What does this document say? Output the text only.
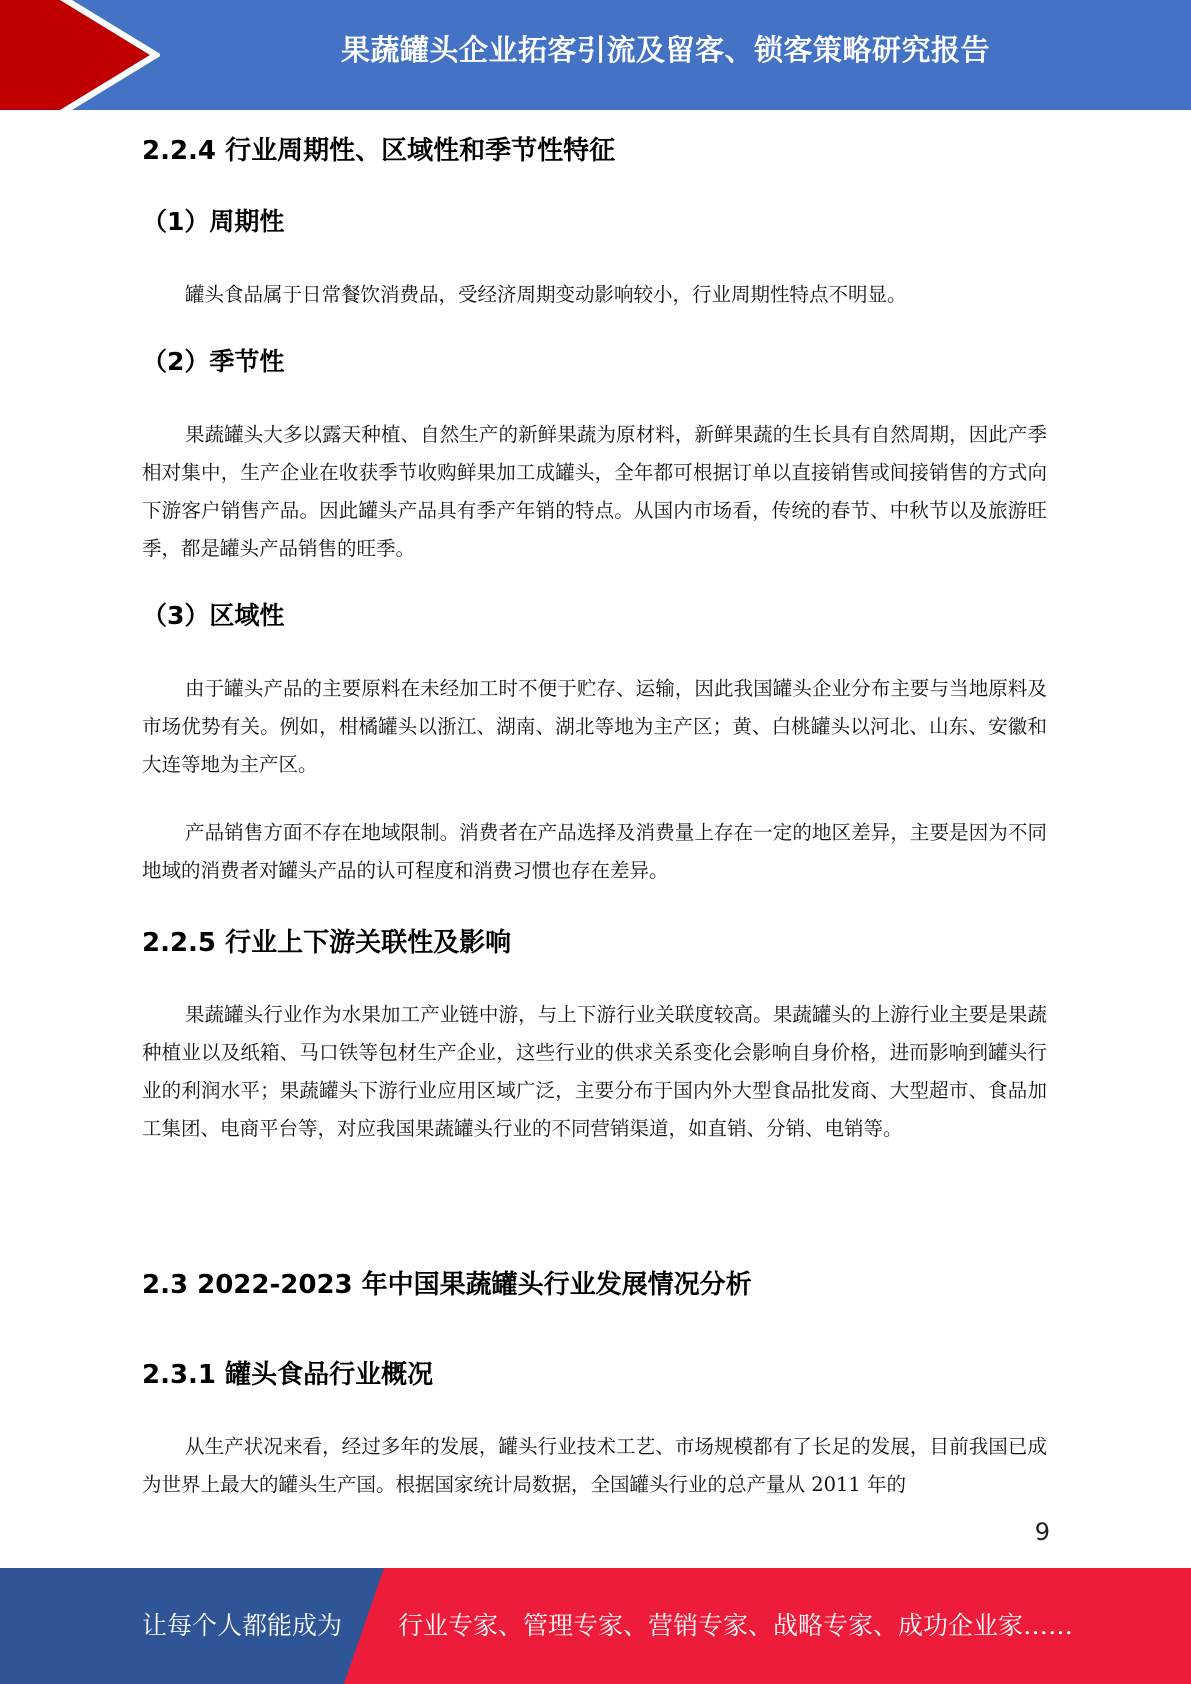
果蔬罐头企业拓客引流及留客、锁客策略研究报告
2.2.4 行业周期性、区域性和季节性特征
（1）周期性

罐头食品属于日常餐饮消费品，受经济周期变动影响较小，行业周期性特点不明显。

（2）季节性

果蔬罐头大多以露天种植、自然生产的新鲜果蔬为原材料，新鲜果蔬的生长具有自然周期，因此产季相对集中，生产企业在收获季节收购鲜果加工成罐头，全年都可根据订单以直接销售或间接销售的方式向下游客户销售产品。因此罐头产品具有季产年销的特点。从国内市场看，传统的春节、中秋节以及旅游旺季，都是罐头产品销售的旺季。

（3）区域性

由于罐头产品的主要原料在未经加工时不便于贮存、运输，因此我国罐头企业分布主要与当地原料及市场优势有关。例如，柑橘罐头以浙江、湖南、湖北等地为主产区；黄、白桃罐头以河北、山东、安徽和大连等地为主产区。

产品销售方面不存在地域限制。消费者在产品选择及消费量上存在一定的地区差异，主要是因为不同地域的消费者对罐头产品的认可程度和消费习惯也存在差异。

2.2.5 行业上下游关联性及影响

果蔬罐头行业作为水果加工产业链中游，与上下游行业关联度较高。果蔬罐头的上游行业主要是果蔬种植业以及纸箱、马口铁等包材生产企业，这些行业的供求关系变化会影响自身价格，进而影响到罐头行业的利润水平；果蔬罐头下游行业应用区域广泛，主要分布于国内外大型食品批发商、大型超市、食品加工集团、电商平台等，对应我国果蔬罐头行业的不同营销渠道，如直销、分销、电销等。

2.3 2022-2023 年中国果蔬罐头行业发展情况分析
2.3.1 罐头食品行业概况

从生产状况来看，经过多年的发展，罐头行业技术工艺、市场规模都有了长足的发展，目前我国已成为世界上最大的罐头生产国。根据国家统计局数据，全国罐头行业的总产量从 2011 年的

9
让每个人都能成为 行业专家、管理专家、营销专家、战略专家、成功企业家……
